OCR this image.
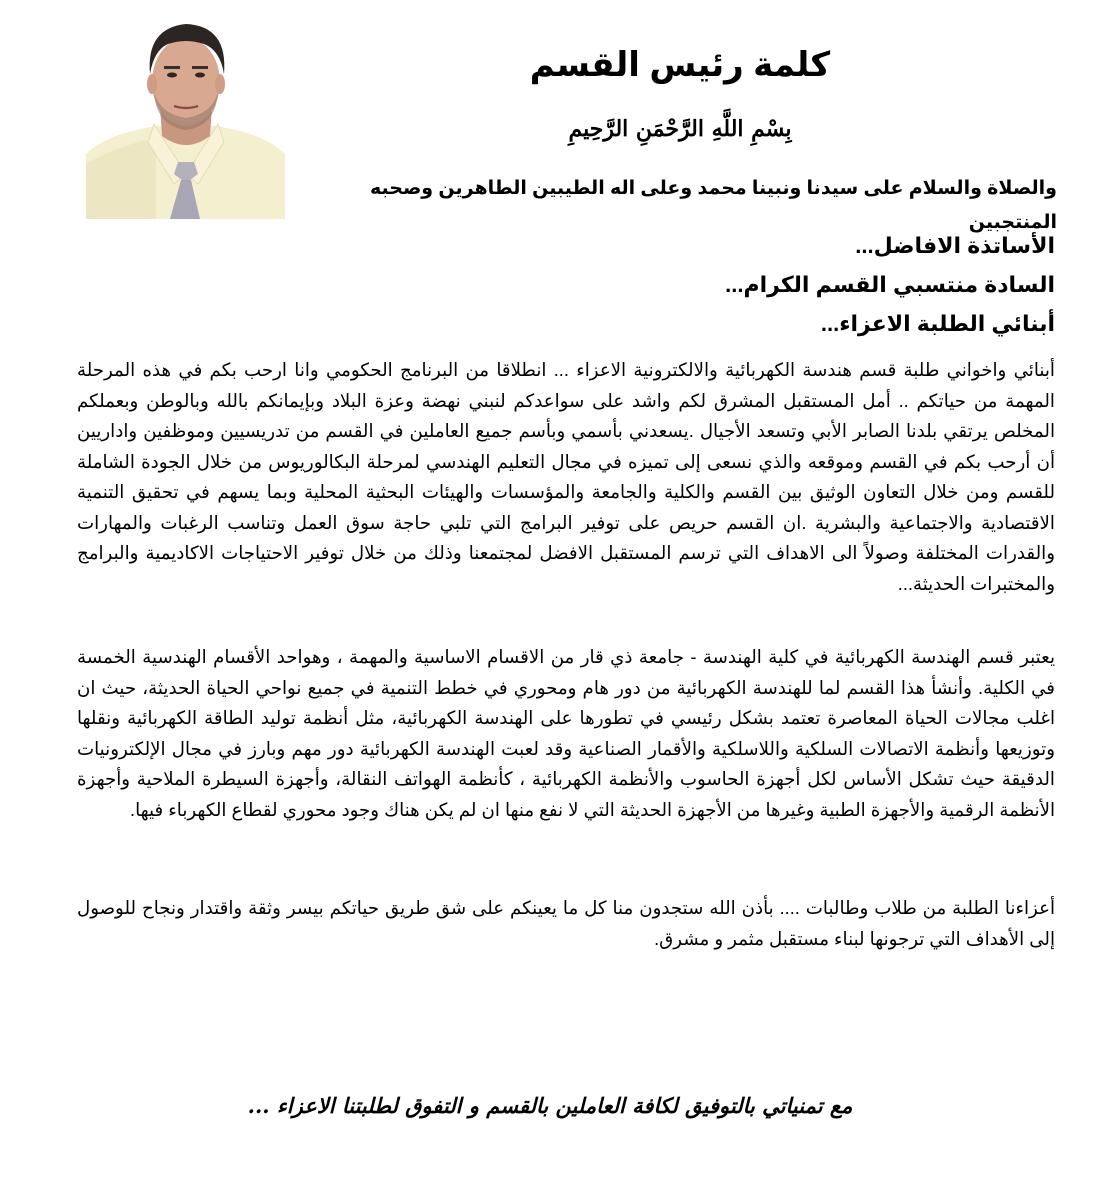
كلمة رئيس القسم
بِسْمِ اللَّهِ الرَّحْمَنِ الرَّحِيمِ
والصلاة والسلام على سيدنا ونبينا محمد وعلى اله الطيبين الطاهرين وصحبه المنتجبين
الأساتذة الافاضل...
السادة منتسبي القسم الكرام...
أبنائي الطلبة الاعزاء...
أبنائي واخواني طلبة قسم هندسة الكهربائية والالكترونية الاعزاء ... انطلاقا من البرنامج الحكومي وانا ارحب بكم في هذه المرحلة المهمة من حياتكم .. أمل المستقبل المشرق لكم واشد على سواعدكم لنبني نهضة وعزة البلاد وبإيمانكم بالله وبالوطن وبعملكم المخلص يرتقي بلدنا الصابر الأبي وتسعد الأجيال .يسعدني بأسمي وبأسم جميع العاملين في القسم من تدريسيين وموظفين واداريين أن أرحب بكم في القسم وموقعه والذي نسعى إلى تميزه في مجال التعليم الهندسي لمرحلة البكالوريوس من خلال الجودة الشاملة للقسم ومن خلال التعاون الوثيق بين القسم والكلية والجامعة والمؤسسات والهيئات البحثية المحلية وبما يسهم في تحقيق التنمية الاقتصادية والاجتماعية والبشرية .ان القسم حريص على توفير البرامج التي تلبي حاجة سوق العمل وتناسب الرغبات والمهارات والقدرات المختلفة وصولاً الى الاهداف التي ترسم المستقبل الافضل لمجتمعنا وذلك من خلال توفير الاحتياجات الاكاديمية والبرامج والمختبرات الحديثة...
يعتبر قسم الهندسة الكهربائية في كلية الهندسة - جامعة ذي قار من الاقسام الاساسية والمهمة ، وهواحد الأقسام الهندسية الخمسة في الكلية. وأنشأ هذا القسم لما للهندسة الكهربائية من دور هام ومحوري في خطط التنمية في جميع نواحي الحياة الحديثة، حيث ان اغلب مجالات الحياة المعاصرة تعتمد بشكل رئيسي في تطورها على الهندسة الكهربائية، مثل أنظمة توليد الطاقة الكهربائية ونقلها وتوزيعها وأنظمة الاتصالات السلكية واللاسلكية والأقمار الصناعية وقد لعبت الهندسة الكهربائية دور مهم وبارز في مجال الإلكترونيات الدقيقة حيث تشكل الأساس لكل أجهزة الحاسوب والأنظمة الكهربائية ، كأنظمة الهواتف النقالة، وأجهزة السيطرة الملاحية وأجهزة الأنظمة الرقمية والأجهزة الطبية وغيرها من الأجهزة الحديثة التي لا نفع منها ان لم يكن هناك وجود محوري لقطاع الكهرباء فيها.
أعزاءنا الطلبة من طلاب وطالبات .... بأذن الله ستجدون منا كل ما يعينكم على شق طريق حياتكم بيسر وثقة واقتدار ونجاح للوصول إلى الأهداف التي ترجونها لبناء مستقبل مثمر و مشرق.
مع تمنياتي بالتوفيق لكافة العاملين بالقسم و التفوق لطلبتنا الاعزاء ...
